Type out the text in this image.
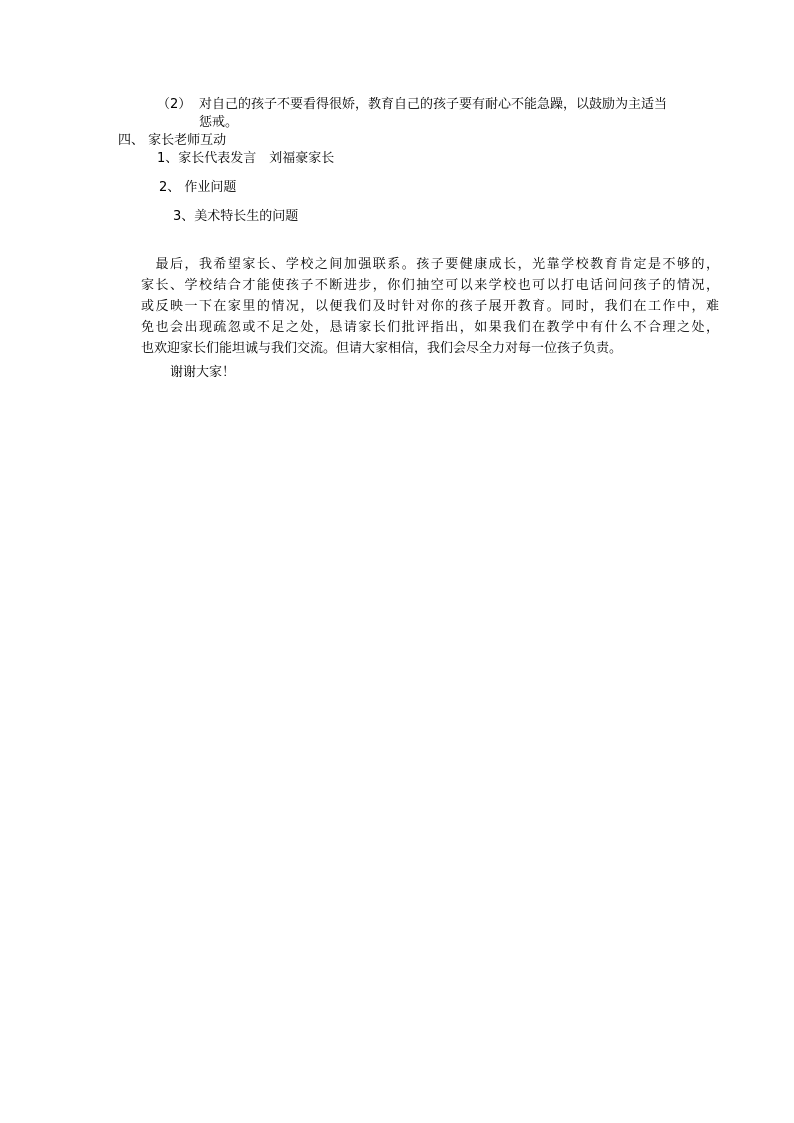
（2） 对自己的孩子不要看得很娇，教育自己的孩子要有耐心不能急躁，以鼓励为主适当
惩戒。
四、 家长老师互动
1、家长代表发言　刘福豪家长
2、 作业问题
3、美术特长生的问题
　最后，我希望家长、学校之间加强联系。孩子要健康成长，光靠学校教育肯定是不够的，
家长、学校结合才能使孩子不断进步，你们抽空可以来学校也可以打电话问问孩子的情况，
或反映一下在家里的情况，以便我们及时针对你的孩子展开教育。同时，我们在工作中，难
免也会出现疏忽或不足之处，恳请家长们批评指出，如果我们在教学中有什么不合理之处，
也欢迎家长们能坦诚与我们交流。但请大家相信，我们会尽全力对每一位孩子负责。
谢谢大家！
